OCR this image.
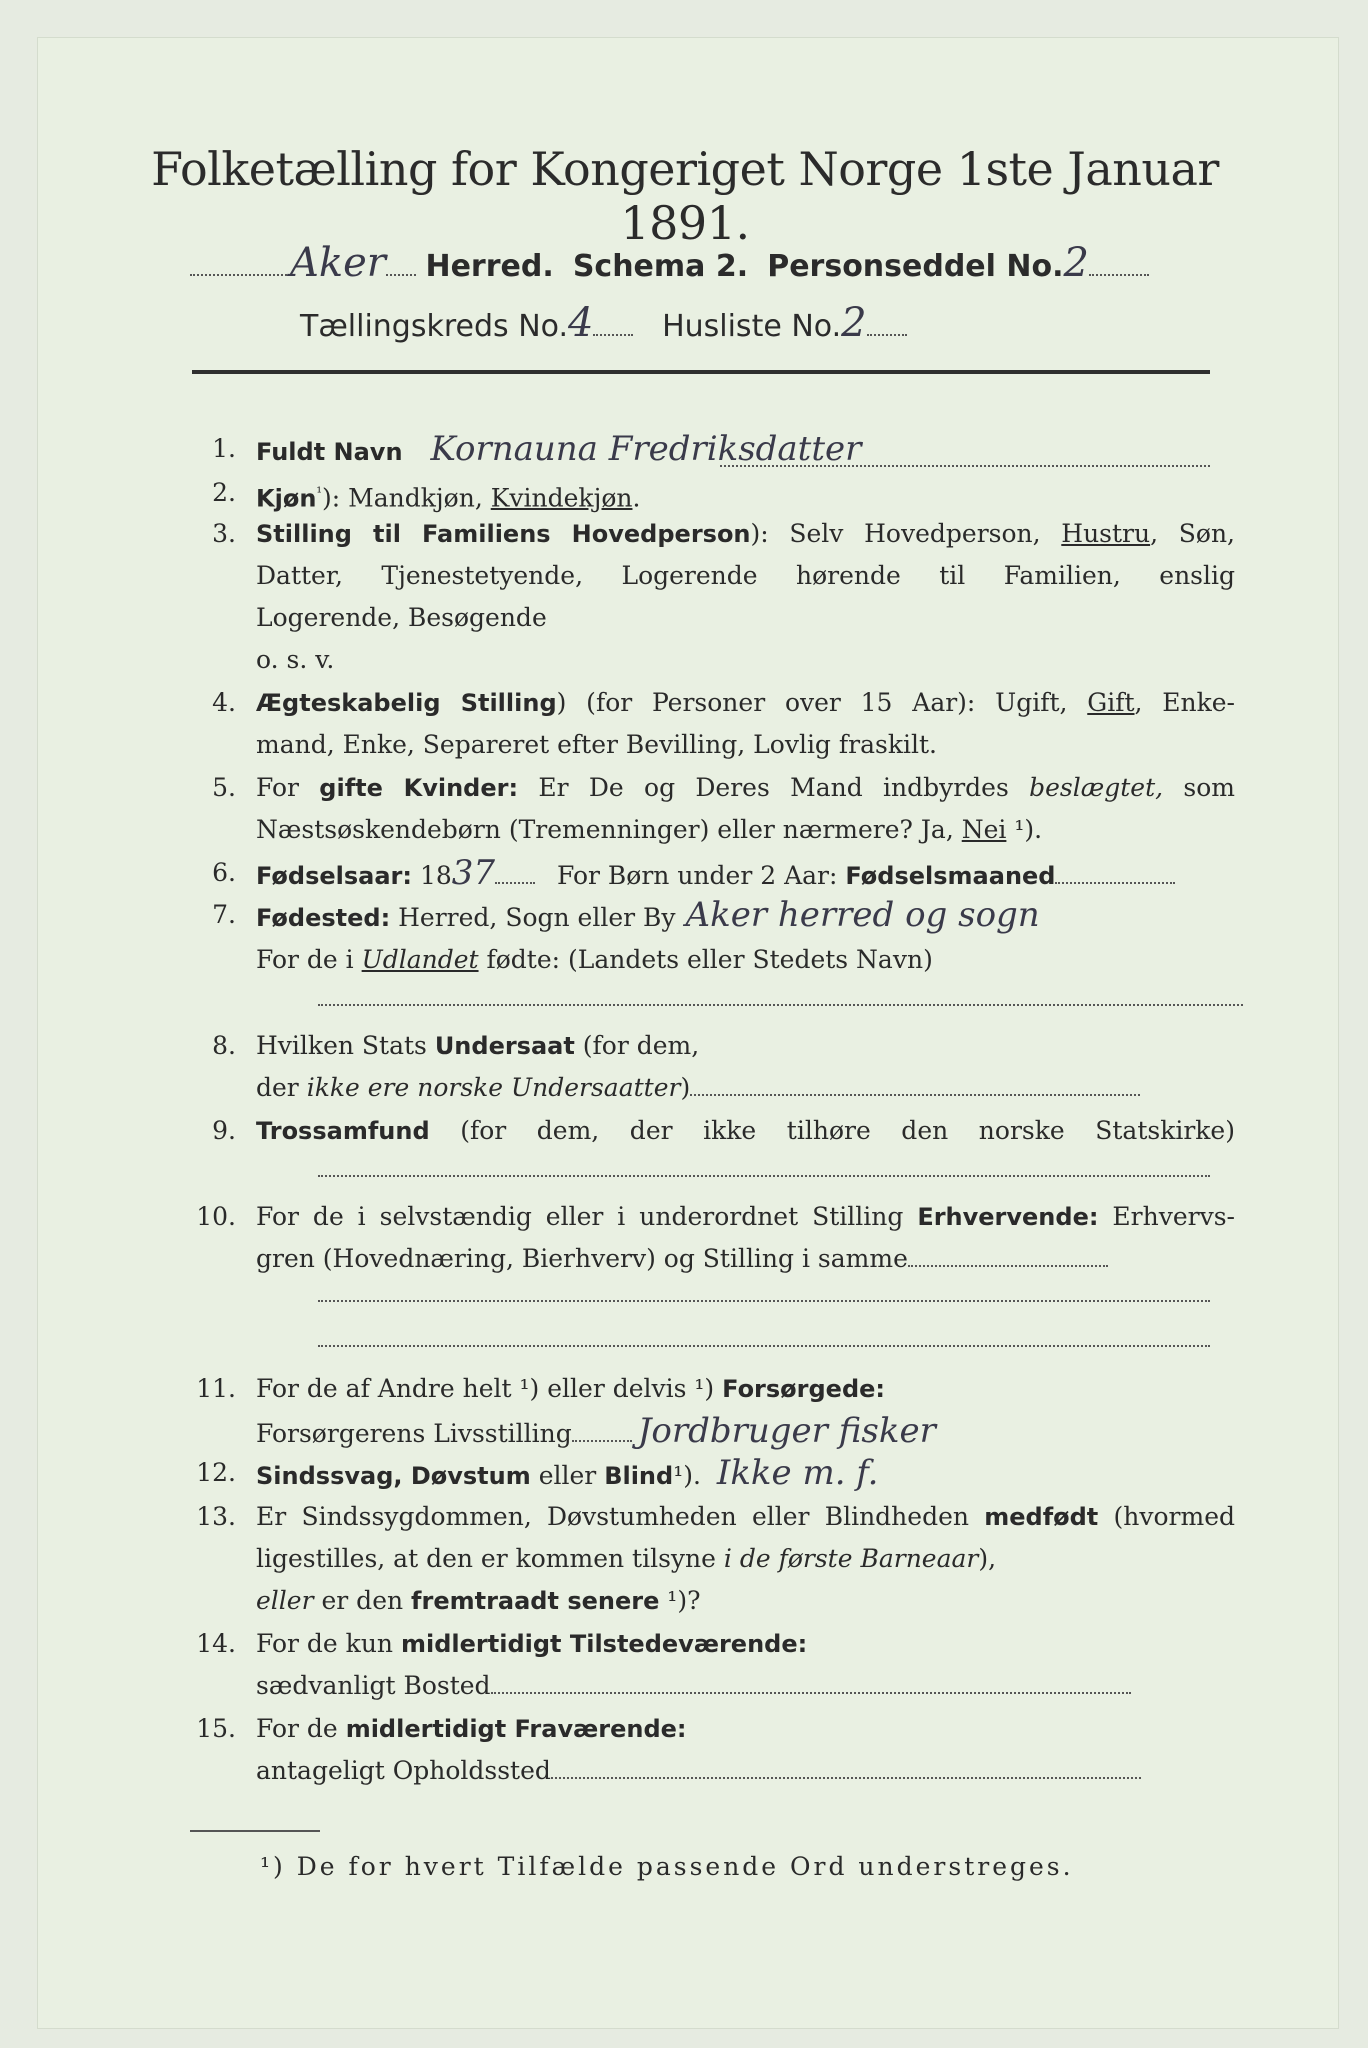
Folketælling for Kongeriget Norge 1ste Januar 1891.
Aker Herred. Schema 2. Personseddel No.2
Tællingskreds No.4 Husliste No.2
1. Fuldt Navn Kornauna Fredriksdatter
2. Kjøn$^{^1}$): Mandkjøn, Kvindekjøn.
3. Stilling til Familiens Hovedperson): Selv Hovedperson, Hustru, Søn,
Datter, Tjenestetyende, Logerende hørende til Familien, enslig
Logerende, Besøgende
o. s. v.
4. Ægteskabelig Stilling) (for Personer over 15 Aar): Ugift, Gift, Enke-
mand, Enke, Separeret efter Bevilling, Lovlig fraskilt.
5. For gifte Kvinder: Er De og Deres Mand indbyrdes beslægtet, som
Næstsøskendebørn (Tremenninger) eller nærmere? Ja, Nei ¹).
6. Fødselsaar: 1837 For Børn under 2 Aar: Fødselsmaaned
7. Fødested: Herred, Sogn eller By Aker herred og sogn
For de i Udlandet fødte: (Landets eller Stedets Navn)
8. Hvilken Stats Undersaat (for dem,
der ikke ere norske Undersaatter)
9. Trossamfund (for dem, der ikke tilhøre den norske Statskirke)
10. For de i selvstændig eller i underordnet Stilling Erhvervende: Erhvervs-
gren (Hovednæring, Bierhverv) og Stilling i samme
11. For de af Andre helt ¹) eller delvis ¹) Forsørgede:
Forsørgerens Livsstilling Jordbruger fisker
12. Sindssvag, Døvstum eller Blind¹). Ikke m. f.
13. Er Sindssygdommen, Døvstumheden eller Blindheden medfødt (hvormed
ligestilles, at den er kommen tilsyne i de første Barneaar),
eller er den fremtraadt senere ¹)?
14. For de kun midlertidigt Tilstedeværende:
sædvanligt Bosted
15. For de midlertidigt Fraværende:
antageligt Opholdssted
¹) De for hvert Tilfælde passende Ord understreges.
